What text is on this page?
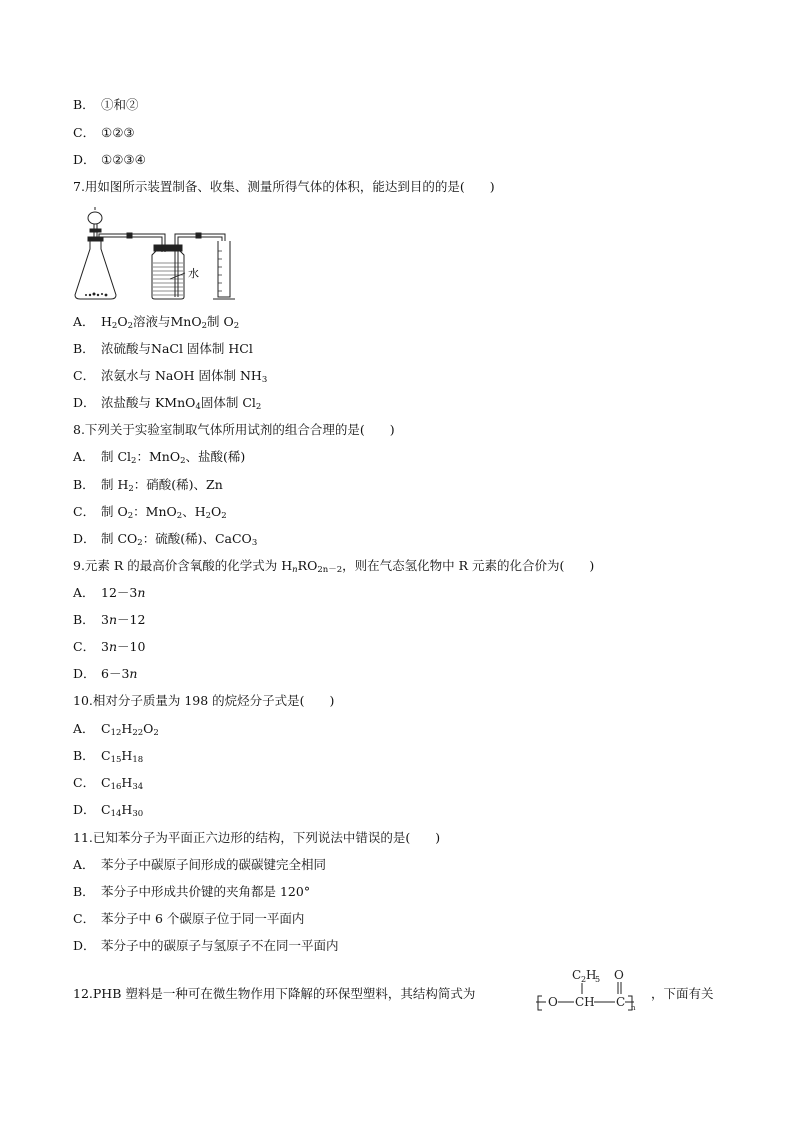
B． ①和②
C． ①②③
D． ①②③④
7.用如图所示装置制备、收集、测量所得气体的体积，能达到目的的是(　　)
水
A． $H_2O_2$溶液与MnO$_2$制 $O_2$
B． 浓硫酸与NaCl 固体制 HCl
C． 浓氨水与 NaOH 固体制 $NH_3$
D． 浓盐酸与 KMnO$_4$固体制 $Cl_2$
8.下列关于实验室制取气体所用试剂的组合合理的是(　　)
A． 制 $Cl_2$：MnO$_2$、盐酸(稀)
B． 制 $H_2$：硝酸(稀)、Zn
C． 制 $O_2$：MnO$_2$、$H_2O_2$
D． 制 $CO_2$：硫酸(稀)、CaCO$_3$
9.元素 R 的最高价含氧酸的化学式为 $H_nRO_{2n-2}$，则在气态氢化物中 R 元素的化合价为(　　)
A． 12－3n
B． 3n－12
C． 3n－10
D． 6－3n
10.相对分子质量为 198 的烷烃分子式是(　　)
A． $C_{12}H_{22}O_2$
B． $C_{15}H_{18}$
C． $C_{16}H_{34}$
D． $C_{14}H_{30}$
11.已知苯分子为平面正六边形的结构，下列说法中错误的是(　　)
A． 苯分子中碳原子间形成的碳碳键完全相同
B． 苯分子中形成共价键的夹角都是 120°
C． 苯分子中 6 个碳原子位于同一平面内
D． 苯分子中的碳原子与氢原子不在同一平面内
12.PHB 塑料是一种可在微生物作用下降解的环保型塑料，其结构简式为	，下面有关
C 2 H
5 O
O CH C n
